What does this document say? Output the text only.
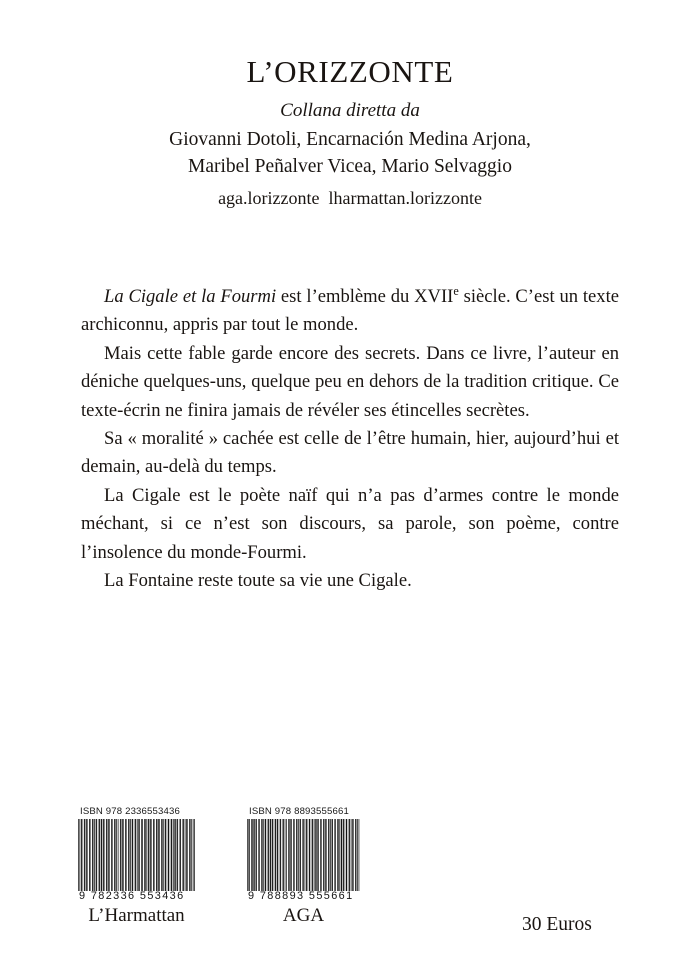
L’ORIZZONTE
Collana diretta da
Giovanni Dotoli, Encarnación Medina Arjona,
Maribel Peñalver Vicea, Mario Selvaggio
aga.lorizzonte  lharmattan.lorizzonte

La Cigale et la Fourmi est l’emblème du XVIIe siècle. C’est un texte archiconnu, appris par tout le monde.

Mais cette fable garde encore des secrets. Dans ce livre, l’auteur en déniche quelques-uns, quelque peu en dehors de la tradition critique. Ce texte-écrin ne finira jamais de révéler ses étincelles secrètes.

Sa « moralité » cachée est celle de l’être humain, hier, aujourd’hui et demain, au-delà du temps.

La Cigale est le poète naïf qui n’a pas d’armes contre le monde méchant, si ce n’est son discours, sa parole, son poème, contre l’insolence du monde-Fourmi.

La Fontaine reste toute sa vie une Cigale.

ISBN 978 2336553436
9 782336 553436
L’Harmattan
ISBN 978 8893555661
9 788893 555661
AGA	30 Euros
